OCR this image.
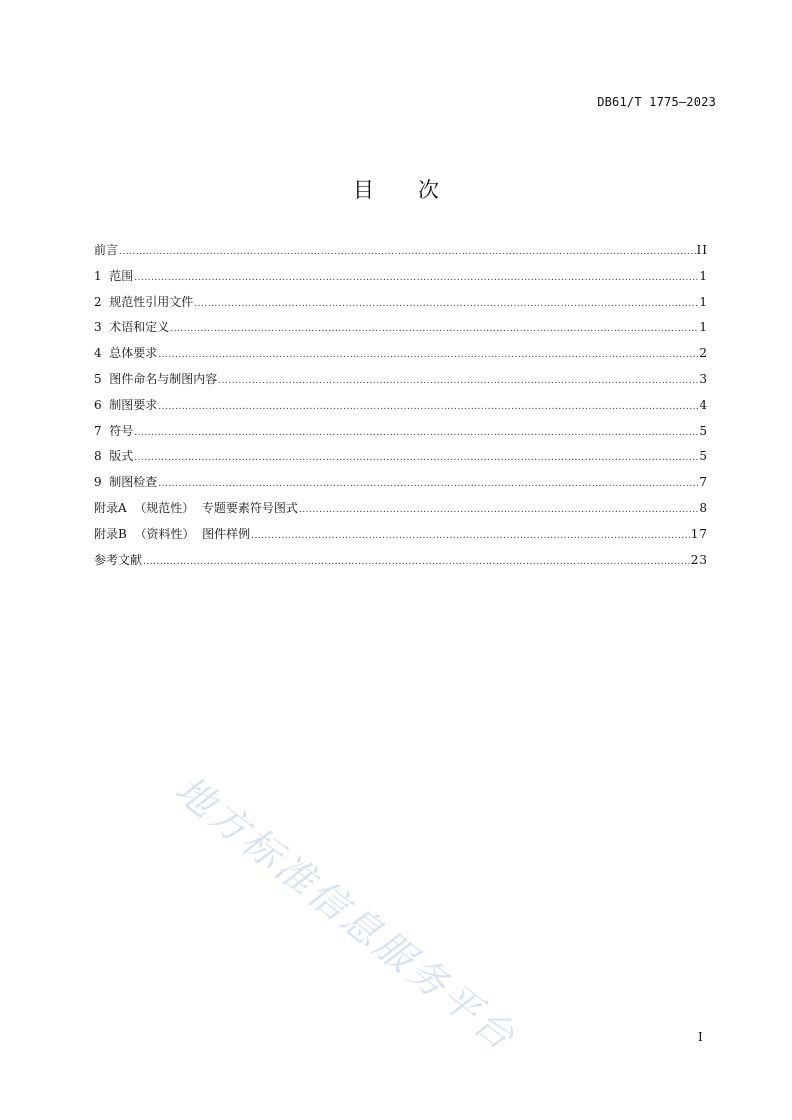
DB61/T 1775—2023
目次
前言 .....	II
1  范围 .....	1
2  规范性引用文件 .....	1
3  术语和定义 .....	1
4  总体要求 .....	2
5  图件命名与制图内容 .....	3
6  制图要求 .....	4
7  符号 .....	5
8  版式 .....	5
9  制图检查 .....	7
附录A  （规范性）  专题要素符号图式 .....	8
附录B  （资料性）  图件样例 .....	17
参考文献 .....	23
地方标准信息服务平台	I
